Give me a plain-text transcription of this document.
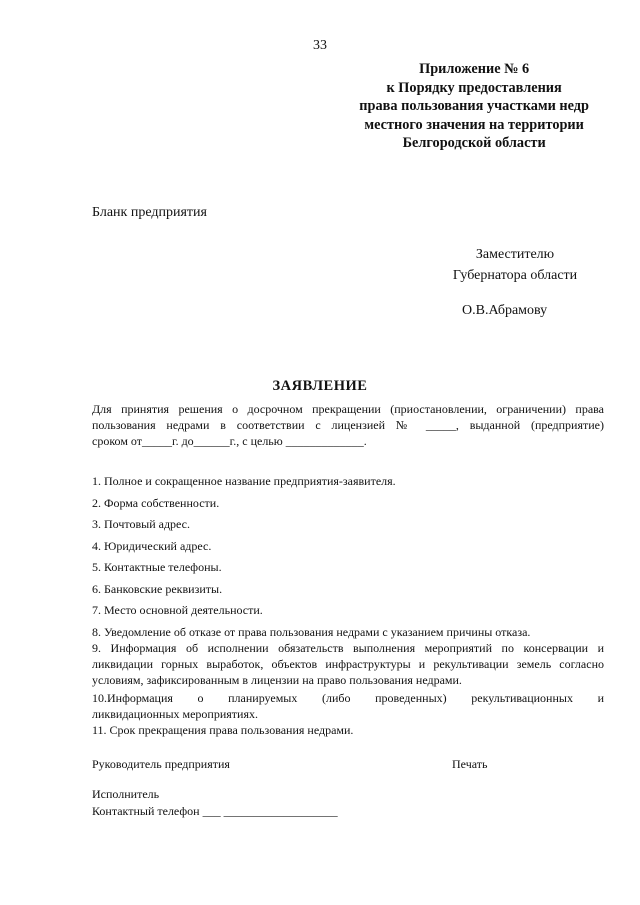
33
Приложение № 6
к Порядку предоставления
права пользования участками недр
местного значения на территории
Белгородской области
Бланк предприятия
Заместителю
Губернатора области
О.В.Абрамову
ЗАЯВЛЕНИЕ
Для принятия решения о досрочном прекращении (приостановлении, ограничении) права
пользования недрами в соответствии с лицензией № _____, выданной (предприятие)
сроком от_____г. до______г., с целью _____________.
1. Полное и сокращенное название предприятия-заявителя.
2. Форма собственности.
3. Почтовый адрес.
4. Юридический адрес.
5. Контактные телефоны.
6. Банковские реквизиты.
7. Место основной деятельности.
8. Уведомление об отказе от права пользования недрами с указанием причины отказа.
9. Информация об исполнении обязательств выполнения мероприятий по консервации и
ликвидации горных выработок, объектов инфраструктуры и рекультивации земель согласно
условиям, зафиксированным в лицензии на право пользования недрами.
10.Информация о планируемых (либо проведенных) рекультивационных и
ликвидационных мероприятиях.
11. Срок прекращения права пользования недрами.
Руководитель предприятия	Печать
Исполнитель
Контактный телефон ___ ___________________
